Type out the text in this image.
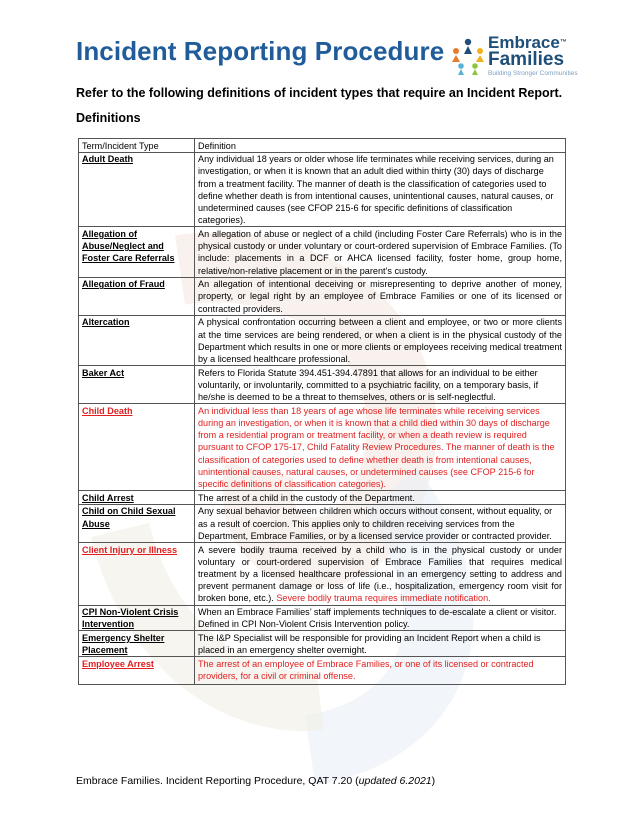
Incident Reporting Procedure	Embrace™
Families
Building Stronger Communities

Refer to the following definitions of incident types that require an Incident Report.

Definitions

Term/Incident Type	Definition
Adult Death	Any individual 18 years or older whose life terminates while receiving services, during an investigation, or when it is known that an adult died within thirty (30) days of discharge from a treatment facility. The manner of death is the classification of categories used to define whether death is from intentional causes, unintentional causes, natural causes, or undetermined causes (see CFOP 215-6 for specific definitions of classification categories).
Allegation of Abuse/Neglect and Foster Care Referrals	An allegation of abuse or neglect of a child (including Foster Care Referrals) who is in the physical custody or under voluntary or court-ordered supervision of Embrace Families. (To include: placements in a DCF or AHCA licensed facility, foster home, group home, relative/non-relative placement or in the parent’s custody.
Allegation of Fraud	An allegation of intentional deceiving or misrepresenting to deprive another of money, property, or legal right by an employee of Embrace Families or one of its licensed or contracted providers.
Altercation	A physical confrontation occurring between a client and employee, or two or more clients at the time services are being rendered, or when a client is in the physical custody of the Department which results in one or more clients or employees receiving medical treatment by a licensed healthcare professional.
Baker Act	Refers to Florida Statute 394.451-394.47891 that allows for an individual to be either voluntarily, or involuntarily, committed to a psychiatric facility, on a temporary basis, if he/she is deemed to be a threat to themselves, others or is self-neglectful.
Child Death	An individual less than 18 years of age whose life terminates while receiving services during an investigation, or when it is known that a child died within 30 days of discharge from a residential program or treatment facility, or when a death review is required pursuant to CFOP 175-17, Child Fatality Review Procedures. The manner of death is the classification of categories used to define whether death is from intentional causes, unintentional causes, natural causes, or undetermined causes (see CFOP 215-6 for specific definitions of classification categories).
Child Arrest	The arrest of a child in the custody of the Department.
Child on Child Sexual Abuse	Any sexual behavior between children which occurs without consent, without equality, or as a result of coercion. This applies only to children receiving services from the Department, Embrace Families, or by a licensed service provider or contracted provider.
Client Injury or Illness	A severe bodily trauma received by a child who is in the physical custody or under voluntary or court-ordered supervision of Embrace Families that requires medical treatment by a licensed healthcare professional in an emergency setting to address and prevent permanent damage or loss of life (i.e., hospitalization, emergency room visit for broken bone, etc.). Severe bodily trauma requires immediate notification.
CPI Non-Violent Crisis Intervention	When an Embrace Families’ staff implements techniques to de-escalate a client or visitor. Defined in CPI Non-Violent Crisis Intervention policy.
Emergency Shelter Placement	The I&P Specialist will be responsible for providing an Incident Report when a child is placed in an emergency shelter overnight.
Employee Arrest	The arrest of an employee of Embrace Families, or one of its licensed or contracted providers, for a civil or criminal offense.

Embrace Families. Incident Reporting Procedure, QAT 7.20 (updated 6.2021)
